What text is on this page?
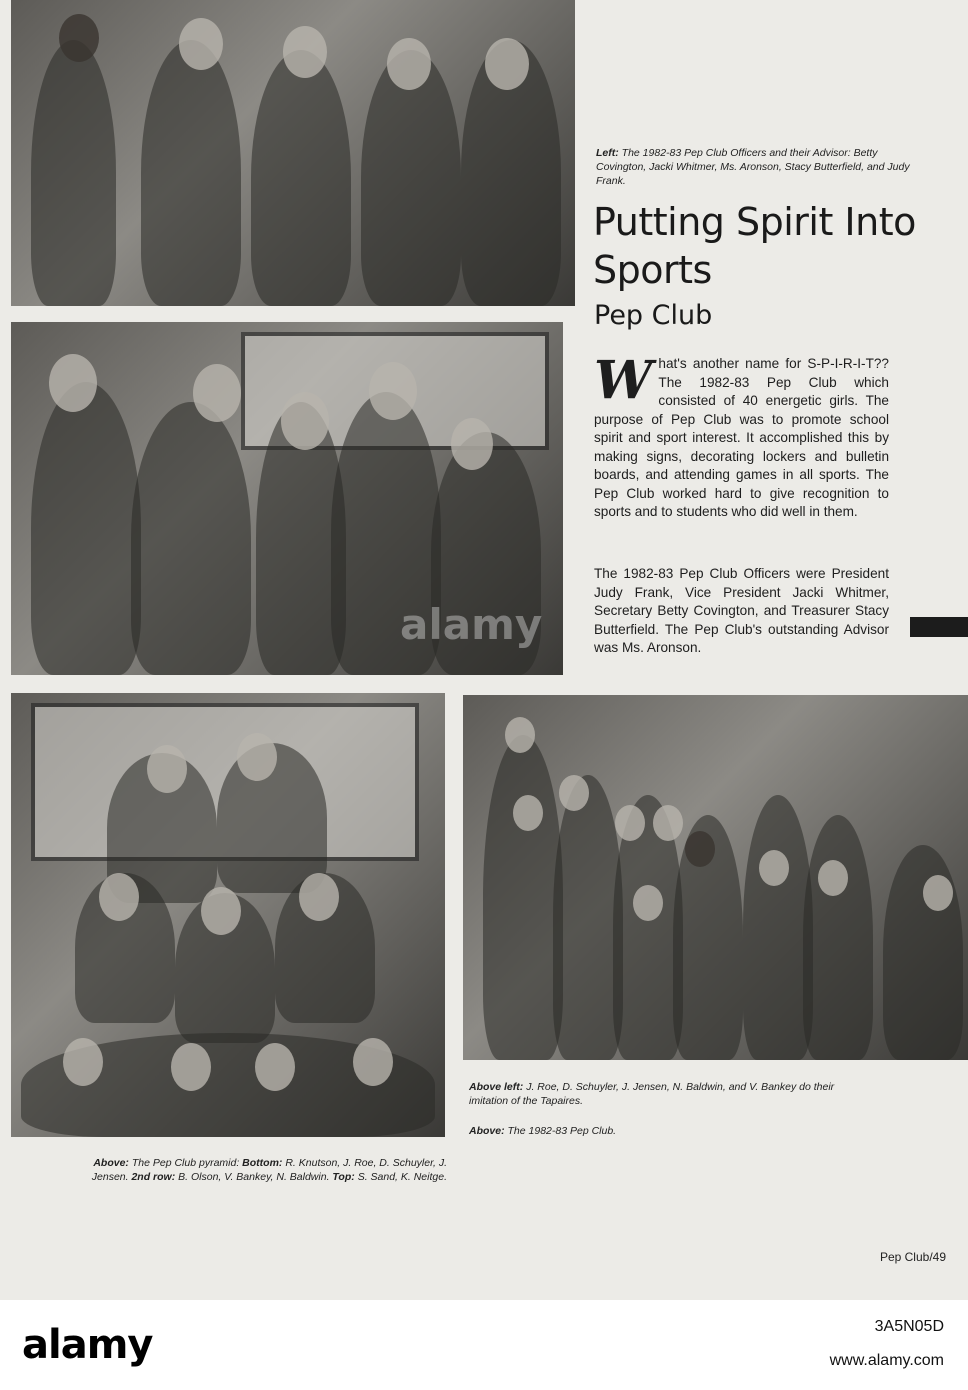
Left: The 1982-83 Pep Club Officers and their Advisor: Betty Covington, Jacki Whitmer, Ms. Aronson, Stacy Butterfield, and Judy Frank.
Putting Spirit Into Sports
Pep Club
What's another name for S-P-I-R-I-T?? The 1982-83 Pep Club which consisted of 40 energetic girls. The purpose of Pep Club was to promote school spirit and sport interest. It accomplished this by making signs, decorating lockers and bulletin boards, and attending games in all sports. The Pep Club worked hard to give recognition to sports and to students who did well in them.
The 1982-83 Pep Club Officers were President Judy Frank, Vice President Jacki Whitmer, Secretary Betty Covington, and Treasurer Stacy Butterfield. The Pep Club's outstanding Advisor was Ms. Aronson.
Above: The Pep Club pyramid: Bottom: R. Knutson, J. Roe, D. Schuyler, J. Jensen. 2nd row: B. Olson, V. Bankey, N. Baldwin. Top: S. Sand, K. Neitge.
Above left: J. Roe, D. Schuyler, J. Jensen, N. Baldwin, and V. Bankey do their imitation of the Tapaires.
Above: The 1982-83 Pep Club.
Pep Club/49
alamy
alamy	3A5N05D
www.alamy.com
